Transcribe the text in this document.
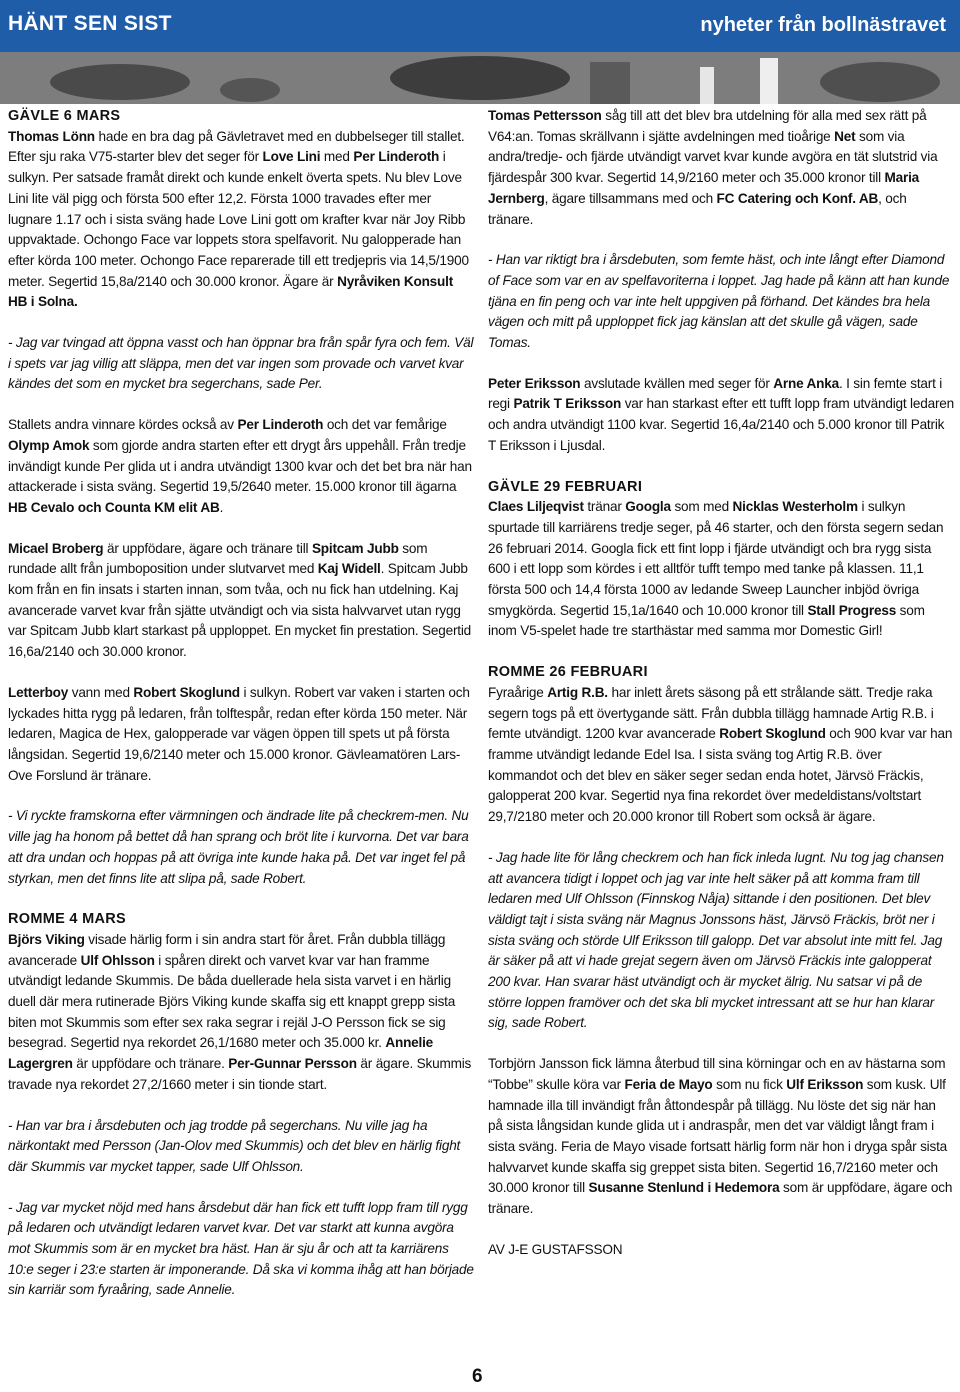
HÄNT SEN SIST	nyheter från bollnästravet

GÄVLE 6 MARS

Thomas Lönn hade en bra dag på Gävletravet med en dubbelseger till stallet. Efter sju raka V75-starter blev det seger för Love Lini med Per Linderoth i sulkyn. Per satsade framåt direkt och kunde enkelt överta spets. Nu blev Love Lini lite väl pigg och första 500 efter 12,2. Första 1000 travades efter mer lugnare 1.17 och i sista sväng hade Love Lini gott om krafter kvar när Joy Ribb uppvaktade. Ochongo Face var loppets stora spelfavorit. Nu galopperade han efter körda 100 meter. Ochongo Face reparerade till ett tredjepris via 14,5/1900 meter. Segertid 15,8a/2140 och 30.000 kronor. Ägare är Nyråviken Konsult HB i Solna.

- Jag var tvingad att öppna vasst och han öppnar bra från spår fyra och fem. Väl i spets var jag villig att släppa, men det var ingen som provade och varvet kvar kändes det som en mycket bra segerchans, sade Per.

Stallets andra vinnare kördes också av Per Linderoth och det var femårige Olymp Amok som gjorde andra starten efter ett drygt års uppehåll. Från tredje invändigt kunde Per glida ut i andra utvändigt 1300 kvar och det bet bra när han attackerade i sista sväng. Segertid 19,5/2640 meter. 15.000 kronor till ägarna HB Cevalo och Counta KM elit AB.

Micael Broberg är uppfödare, ägare och tränare till Spitcam Jubb som rundade allt från jumboposition under slutvarvet med Kaj Widell. Spitcam Jubb kom från en fin insats i starten innan, som tvåa, och nu fick han utdelning. Kaj avancerade varvet kvar från sjätte utvändigt och via sista halvvarvet utan rygg var Spitcam Jubb klart starkast på upploppet. En mycket fin prestation. Segertid 16,6a/2140 och 30.000 kronor.

Letterboy vann med Robert Skoglund i sulkyn. Robert var vaken i starten och lyckades hitta rygg på ledaren, från tolftespår, redan efter körda 150 meter. När ledaren, Magica de Hex, galopperade var vägen öppen till spets ut på första långsidan. Segertid 19,6/2140 meter och 15.000 kronor. Gävleamatören Lars-Ove Forslund är tränare.

- Vi ryckte framskorna efter värmningen och ändrade lite på checkrem-men. Nu ville jag ha honom på bettet då han sprang och bröt lite i kurvorna. Det var bara att dra undan och hoppas på att övriga inte kunde haka på. Det var inget fel på styrkan, men det finns lite att slipa på, sade Robert.

ROMME 4 MARS

Björs Viking visade härlig form i sin andra start för året. Från dubbla tillägg avancerade Ulf Ohlsson i spåren direkt och varvet kvar var han framme utvändigt ledande Skummis. De båda duellerade hela sista varvet i en härlig duell där mera rutinerade Björs Viking kunde skaffa sig ett knappt grepp sista biten mot Skummis som efter sex raka segrar i rejäl J-O Persson fick se sig besegrad. Segertid nya rekordet 26,1/1680 meter och 35.000 kr. Annelie Lagergren är uppfödare och tränare. Per-Gunnar Persson är ägare. Skummis travade nya rekordet 27,2/1660 meter i sin tionde start.

- Han var bra i årsdebuten och jag trodde på segerchans. Nu ville jag ha närkontakt med Persson (Jan-Olov med Skummis) och det blev en härlig fight där Skummis var mycket tapper, sade Ulf Ohlsson.

- Jag var mycket nöjd med hans årsdebut där han fick ett tufft lopp fram till rygg på ledaren och utvändigt ledaren varvet kvar. Det var starkt att kunna avgöra mot Skummis som är en mycket bra häst. Han är sju år och att ta karriärens 10:e seger i 23:e starten är imponerande. Då ska vi komma ihåg att han började sin karriär som fyraåring, sade Annelie.

Tomas Pettersson såg till att det blev bra utdelning för alla med sex rätt på V64:an. Tomas skrällvann i sjätte avdelningen med tioårige Net som via andra/tredje- och fjärde utvändigt varvet kvar kunde avgöra en tät slutstrid via fjärdespår 300 kvar. Segertid 14,9/2160 meter och 35.000 kronor till Maria Jernberg, ägare tillsammans med och FC Catering och Konf. AB, och tränare.

- Han var riktigt bra i årsdebuten, som femte häst, och inte långt efter Diamond of Face som var en av spelfavoriterna i loppet. Jag hade på känn att han kunde tjäna en fin peng och var inte helt uppgiven på förhand. Det kändes bra hela vägen och mitt på upploppet fick jag känslan att det skulle gå vägen, sade Tomas.

Peter Eriksson avslutade kvällen med seger för Arne Anka. I sin femte start i regi Patrik T Eriksson var han starkast efter ett tufft lopp fram utvändigt ledaren och andra utvändigt 1100 kvar. Segertid 16,4a/2140 och 5.000 kronor till Patrik T Eriksson i Ljusdal.

GÄVLE 29 FEBRUARI

Claes Liljeqvist tränar Googla som med Nicklas Westerholm i sulkyn spurtade till karriärens tredje seger, på 46 starter, och den första segern sedan 26 februari 2014. Googla fick ett fint lopp i fjärde utvändigt och bra rygg sista 600 i ett lopp som kördes i ett alltför tufft tempo med tanke på klassen. 11,1 första 500 och 14,4 första 1000 av ledande Sweep Launcher inbjöd övriga smygkörda. Segertid 15,1a/1640 och 10.000 kronor till Stall Progress som inom V5-spelet hade tre starthästar med samma mor Domestic Girl!

ROMME 26 FEBRUARI

Fyraårige Artig R.B. har inlett årets säsong på ett strålande sätt. Tredje raka segern togs på ett övertygande sätt. Från dubbla tillägg hamnade Artig R.B. i femte utvändigt. 1200 kvar avancerade Robert Skoglund och 900 kvar var han framme utvändigt ledande Edel Isa. I sista sväng tog Artig R.B. över kommandot och det blev en säker seger sedan enda hotet, Järvsö Fräckis, galopperat 200 kvar. Segertid nya fina rekordet över medeldistans/voltstart 29,7/2180 meter och 20.000 kronor till Robert som också är ägare.

- Jag hade lite för lång checkrem och han fick inleda lugnt. Nu tog jag chansen att avancera tidigt i loppet och jag var inte helt säker på att komma fram till ledaren med Ulf Ohlsson (Finnskog Nåja) sittande i den positionen. Det blev väldigt tajt i sista sväng när Magnus Jonssons häst, Järvsö Fräckis, bröt ner i sista sväng och störde Ulf Eriksson till galopp. Det var absolut inte mitt fel. Jag är säker på att vi hade grejat segern även om Järvsö Fräckis inte galopperat 200 kvar. Han svarar häst utvändigt och är mycket älrig. Nu satsar vi på de större loppen framöver och det ska bli mycket intressant att se hur han klarar sig, sade Robert.

Torbjörn Jansson fick lämna återbud till sina körningar och en av hästarna som “Tobbe” skulle köra var Feria de Mayo som nu fick Ulf Eriksson som kusk. Ulf hamnade illa till invändigt från åttondespår på tillägg. Nu löste det sig när han på sista långsidan kunde glida ut i andraspår, men det var väldigt långt fram i sista sväng. Feria de Mayo visade fortsatt härlig form när hon i dryga spår sista halvvarvet kunde skaffa sig greppet sista biten. Segertid 16,7/2160 meter och 30.000 kronor till Susanne Stenlund i Hedemora som är uppfödare, ägare och tränare.

AV J-E GUSTAFSSON

6
